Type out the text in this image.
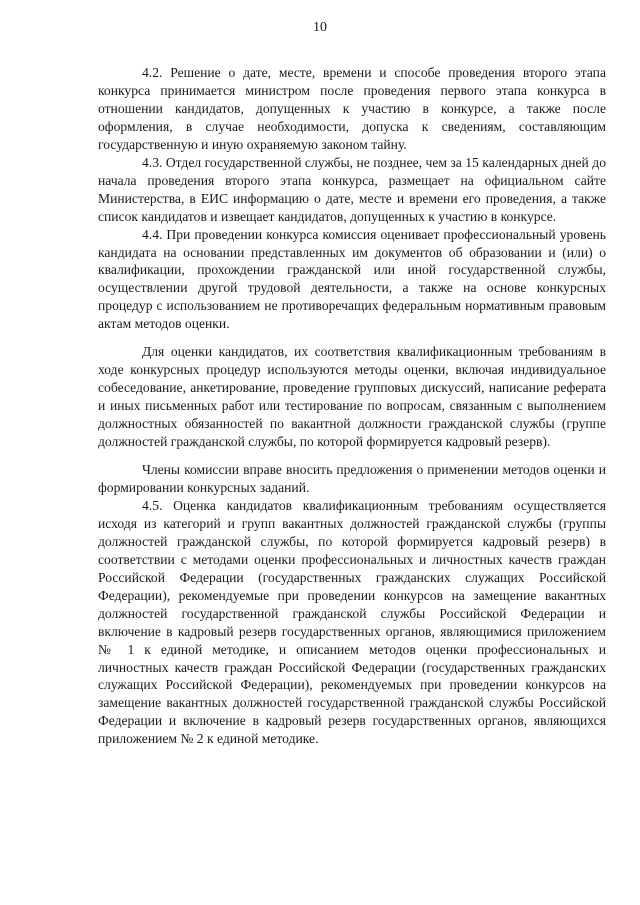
10

4.2. Решение о дате, месте, времени и способе проведения второго этапа конкурса принимается министром после проведения первого этапа конкурса в отношении кандидатов, допущенных к участию в конкурсе, а также после оформления, в случае необходимости, допуска к сведениям, составляющим государственную и иную охраняемую законом тайну.

4.3. Отдел государственной службы, не позднее, чем за 15 календарных дней до начала проведения второго этапа конкурса, размещает на официальном сайте Министерства, в ЕИС информацию о дате, месте и времени его проведения, а также список кандидатов и извещает кандидатов, допущенных к участию в конкурсе.

4.4. При проведении конкурса комиссия оценивает профессиональный уровень кандидата на основании представленных им документов об образовании и (или) о квалификации, прохождении гражданской или иной государственной службы, осуществлении другой трудовой деятельности, а также на основе конкурсных процедур с использованием не противоречащих федеральным нормативным правовым актам методов оценки.

Для оценки кандидатов, их соответствия квалификационным требованиям в ходе конкурсных процедур используются методы оценки, включая индивидуальное собеседование, анкетирование, проведение групповых дискуссий, написание реферата и иных письменных работ или тестирование по вопросам, связанным с выполнением должностных обязанностей по вакантной должности гражданской службы (группе должностей гражданской службы, по которой формируется кадровый резерв).

Члены комиссии вправе вносить предложения о применении методов оценки и формировании конкурсных заданий.

4.5. Оценка кандидатов квалификационным требованиям осуществляется исходя из категорий и групп вакантных должностей гражданской службы (группы должностей гражданской службы, по которой формируется кадровый резерв) в соответствии с методами оценки профессиональных и личностных качеств граждан Российской Федерации (государственных гражданских служащих Российской Федерации), рекомендуемые при проведении конкурсов на замещение вакантных должностей государственной гражданской службы Российской Федерации и включение в кадровый резерв государственных органов, являющимися приложением № 1 к единой методике, и описанием методов оценки профессиональных и личностных качеств граждан Российской Федерации (государственных гражданских служащих Российской Федерации), рекомендуемых при проведении конкурсов на замещение вакантных должностей государственной гражданской службы Российской Федерации и включение в кадровый резерв государственных органов, являющихся приложением № 2 к единой методике.
